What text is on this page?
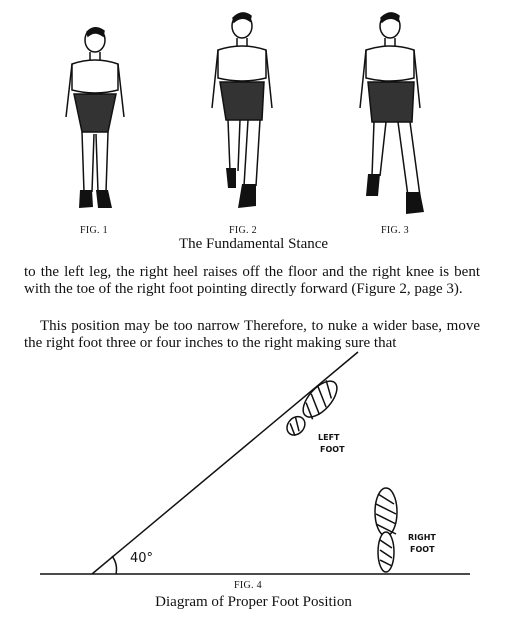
FIG. 1	FIG. 2	FIG. 3
The Fundamental Stance

to the left leg, the right heel raises off the floor and the right knee is bent with the toe of the right foot pointing directly forward (Figure 2, page 3).

This position may be too narrow Therefore, to nuke a wider base, move the right foot three or four inches to the right making sure that

40°
LEFT
FOOT
RIGHT
FOOT
FIG. 4
Diagram of Proper Foot Position
